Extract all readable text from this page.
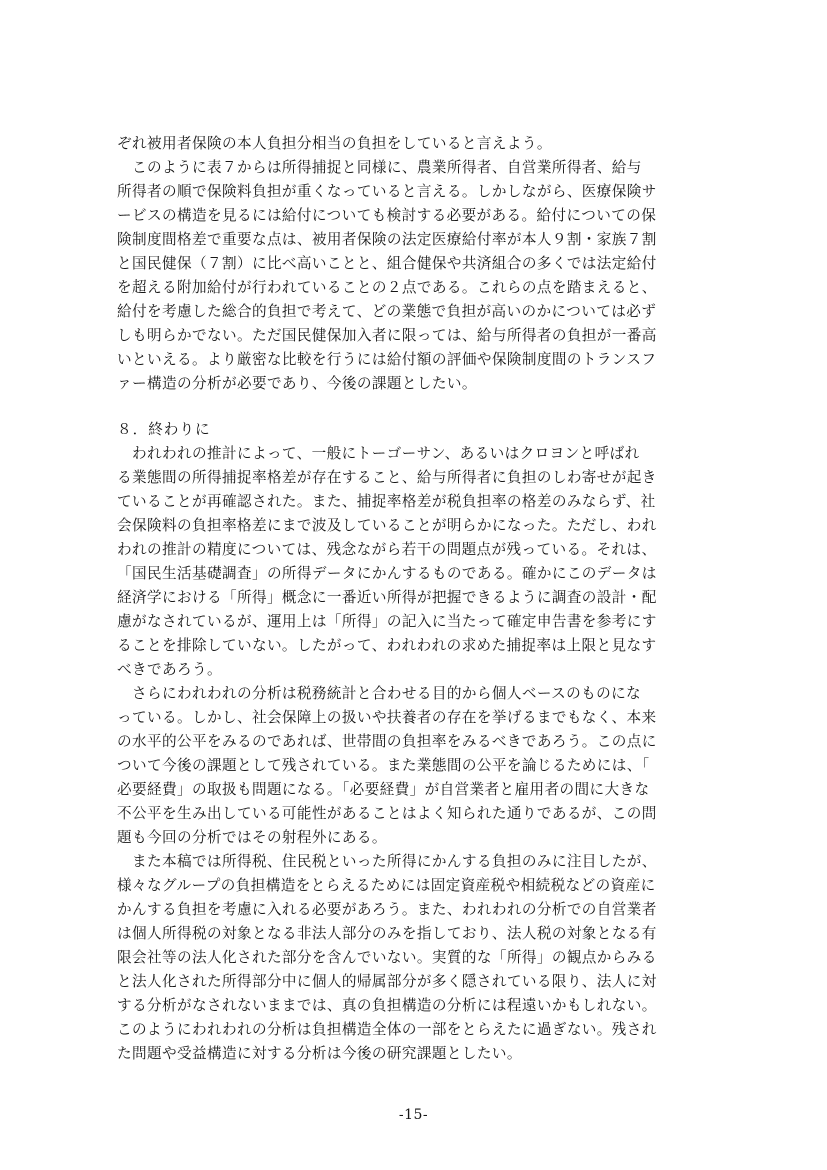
ぞれ被用者保険の本人負担分相当の負担をしていると言えよう。
　このように表７からは所得捕捉と同様に、農業所得者、自営業所得者、給与
所得者の順で保険料負担が重くなっていると言える。しかしながら、医療保険サ
ービスの構造を見るには給付についても検討する必要がある。給付についての保
険制度間格差で重要な点は、被用者保険の法定医療給付率が本人９割・家族７割
と国民健保（７割）に比べ高いことと、組合健保や共済組合の多くでは法定給付
を超える附加給付が行われていることの２点である。これらの点を踏まえると、
給付を考慮した総合的負担で考えて、どの業態で負担が高いのかについては必ず
しも明らかでない。ただ国民健保加入者に限っては、給与所得者の負担が一番高
いといえる。より厳密な比較を行うには給付額の評価や保険制度間のトランスフ
ァー構造の分析が必要であり、今後の課題としたい。
８．終わりに
　われわれの推計によって、一般にトーゴーサン、あるいはクロヨンと呼ばれ
る業態間の所得捕捉率格差が存在すること、給与所得者に負担のしわ寄せが起き
ていることが再確認された。また、捕捉率格差が税負担率の格差のみならず、社
会保険料の負担率格差にまで波及していることが明らかになった。ただし、われ
われの推計の精度については、残念ながら若干の問題点が残っている。それは、
「国民生活基礎調査」の所得データにかんするものである。確かにこのデータは
経済学における「所得」概念に一番近い所得が把握できるように調査の設計・配
慮がなされているが、運用上は「所得」の記入に当たって確定申告書を参考にす
ることを排除していない。したがって、われわれの求めた捕捉率は上限と見なす
べきであろう。
　さらにわれわれの分析は税務統計と合わせる目的から個人ベースのものにな
っている。しかし、社会保障上の扱いや扶養者の存在を挙げるまでもなく、本来
の水平的公平をみるのであれば、世帯間の負担率をみるべきであろう。この点に
ついて今後の課題として残されている。また業態間の公平を論じるためには、「
必要経費」の取扱も問題になる。「必要経費」が自営業者と雇用者の間に大きな
不公平を生み出している可能性があることはよく知られた通りであるが、この問
題も今回の分析ではその射程外にある。
　また本稿では所得税、住民税といった所得にかんする負担のみに注目したが、
様々なグループの負担構造をとらえるためには固定資産税や相続税などの資産に
かんする負担を考慮に入れる必要があろう。また、われわれの分析での自営業者
は個人所得税の対象となる非法人部分のみを指しており、法人税の対象となる有
限会社等の法人化された部分を含んでいない。実質的な「所得」の観点からみる
と法人化された所得部分中に個人的帰属部分が多く隠されている限り、法人に対
する分析がなされないままでは、真の負担構造の分析には程遠いかもしれない。
このようにわれわれの分析は負担構造全体の一部をとらえたに過ぎない。残され
た問題や受益構造に対する分析は今後の研究課題としたい。
-15-
